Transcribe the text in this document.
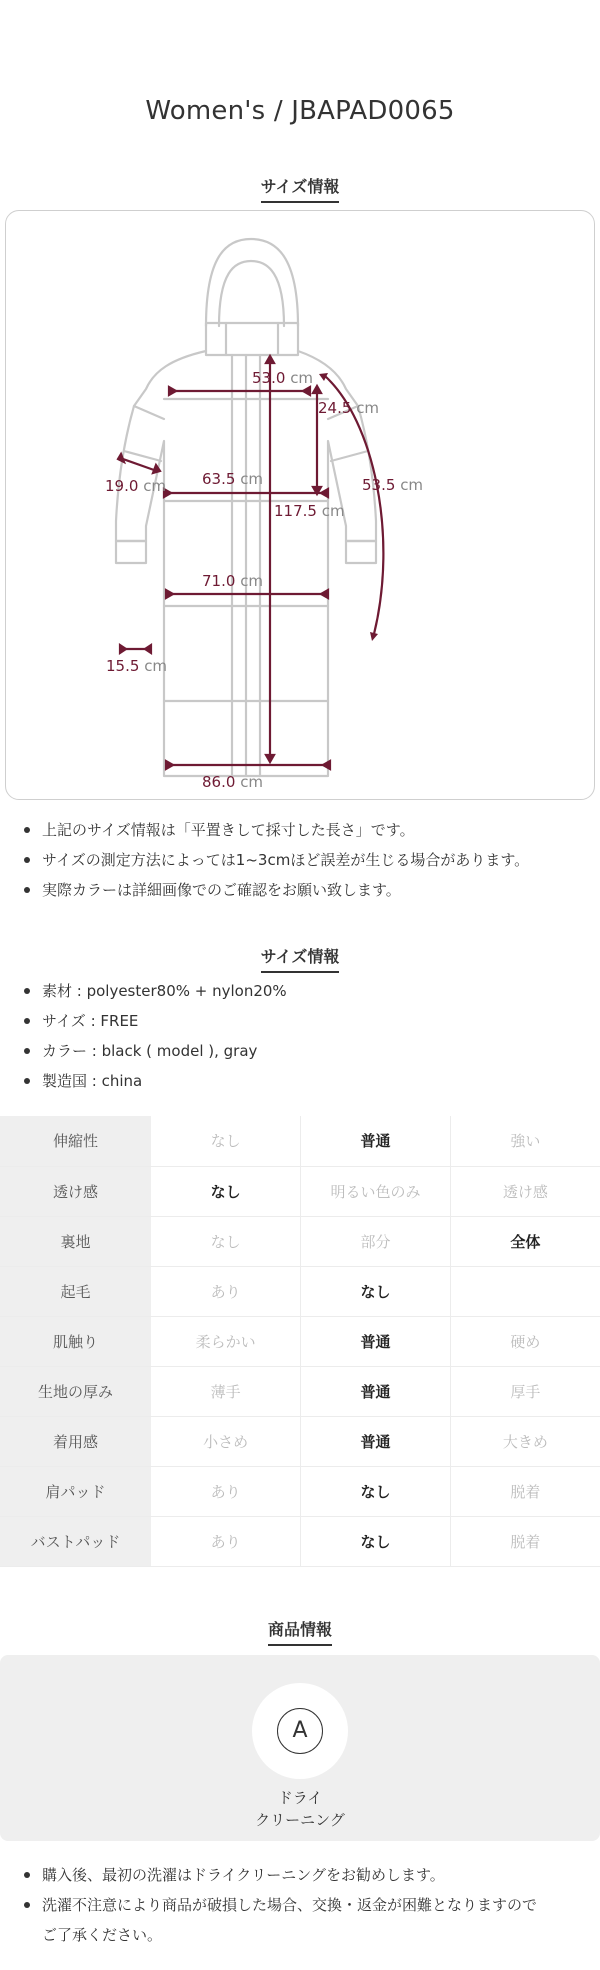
Women's / JBAPAD0065
サイズ情報
53.0 cm
24.5 cm
63.5 cm
19.0 cm	53.5 cm
117.5 cm
71.0 cm
15.5 cm
86.0 cm
上記のサイズ情報は「平置きして採寸した長さ」です。
サイズの測定方法によっては1~3cmほど誤差が生じる場合があります。
実際カラーは詳細画像でのご確認をお願い致します。
サイズ情報
素材 : polyester80% + nylon20%
サイズ : FREE
カラー : black ( model ), gray
製造国 : china
伸縮性	なし	普通	強い
透け感	なし	明るい色のみ	透け感
裏地	なし	部分	全体
起毛	あり	なし	
肌触り	柔らかい	普通	硬め
生地の厚み	薄手	普通	厚手
着用感	小さめ	普通	大きめ
肩パッド	あり	なし	脱着
バストパッド	あり	なし	脱着
商品情報
A
ドライ
クリーニング
購入後、最初の洗濯はドライクリーニングをお勧めします。
洗濯不注意により商品が破損した場合、交換・返金が困難となりますので
ご了承ください。
